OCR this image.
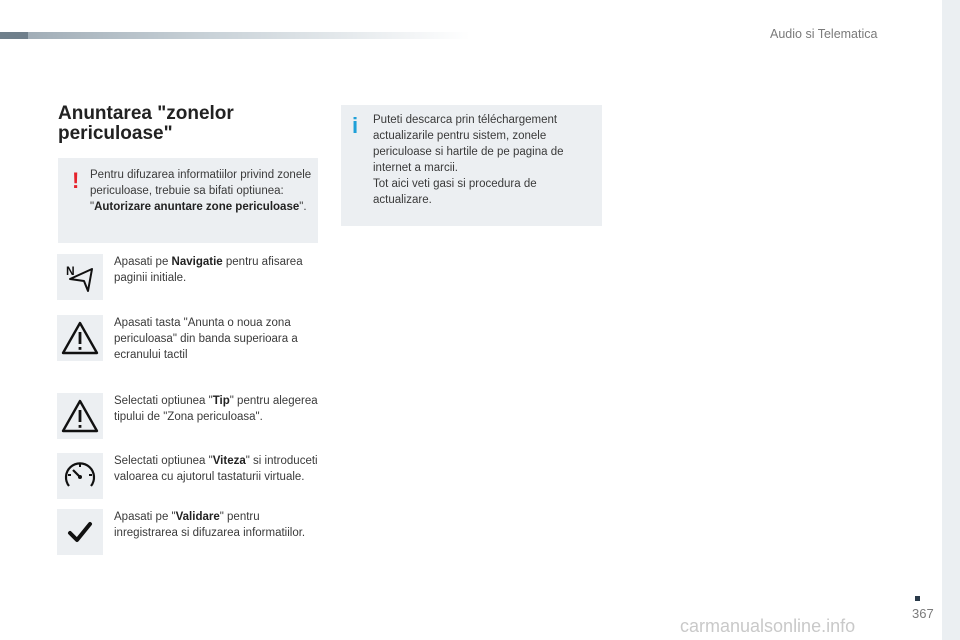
Audio si Telematica
Anuntarea "zonelor
periculoase"
! Pentru difuzarea informatiilor privind zonele periculoase, trebuie sa bifati optiunea: "Autorizare anuntare zone periculoase".
i	Puteti descarca prin téléchargement actualizarile pentru sistem, zonele periculoase si hartile de pe pagina de internet a marcii.
Tot aici veti gasi si procedura de actualizare.
N
Apasati pe Navigatie pentru afisarea paginii initiale.
Apasati tasta "Anunta o noua zona periculoasa" din banda superioara a ecranului tactil
Selectati optiunea "Tip" pentru alegerea tipului de "Zona periculoasa".
Selectati optiunea "Viteza" si introduceti valoarea cu ajutorul tastaturii virtuale.
Apasati pe "Validare" pentru inregistrarea si difuzarea informatiilor.
367
carmanualsonline.info
